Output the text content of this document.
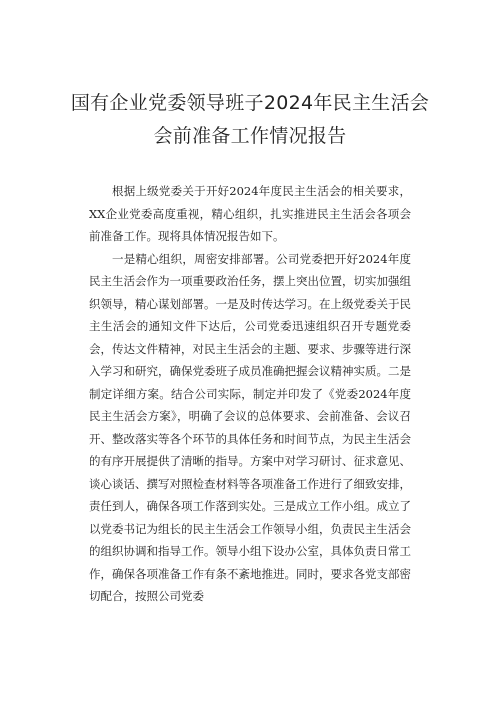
国有企业党委领导班子2024年民主生活会
会前准备工作情况报告

根据上级党委关于开好2024年度民主生活会的相关要求，XX企业党委高度重视，精心组织，扎实推进民主生活会各项会前准备工作。现将具体情况报告如下。

一是精心组织，周密安排部署。公司党委把开好2024年度民主生活会作为一项重要政治任务，摆上突出位置，切实加强组织领导，精心谋划部署。一是及时传达学习。在上级党委关于民主生活会的通知文件下达后，公司党委迅速组织召开专题党委会，传达文件精神，对民主生活会的主题、要求、步骤等进行深入学习和研究，确保党委班子成员准确把握会议精神实质。二是制定详细方案。结合公司实际，制定并印发了《党委2024年度民主生活会方案》，明确了会议的总体要求、会前准备、会议召开、整改落实等各个环节的具体任务和时间节点，为民主生活会的有序开展提供了清晰的指导。方案中对学习研讨、征求意见、谈心谈话、撰写对照检查材料等各项准备工作进行了细致安排，责任到人，确保各项工作落到实处。三是成立工作小组。成立了以党委书记为组长的民主生活会工作领导小组，负责民主生活会的组织协调和指导工作。领导小组下设办公室，具体负责日常工作，确保各项准备工作有条不紊地推进。同时，要求各党支部密切配合，按照公司党委
